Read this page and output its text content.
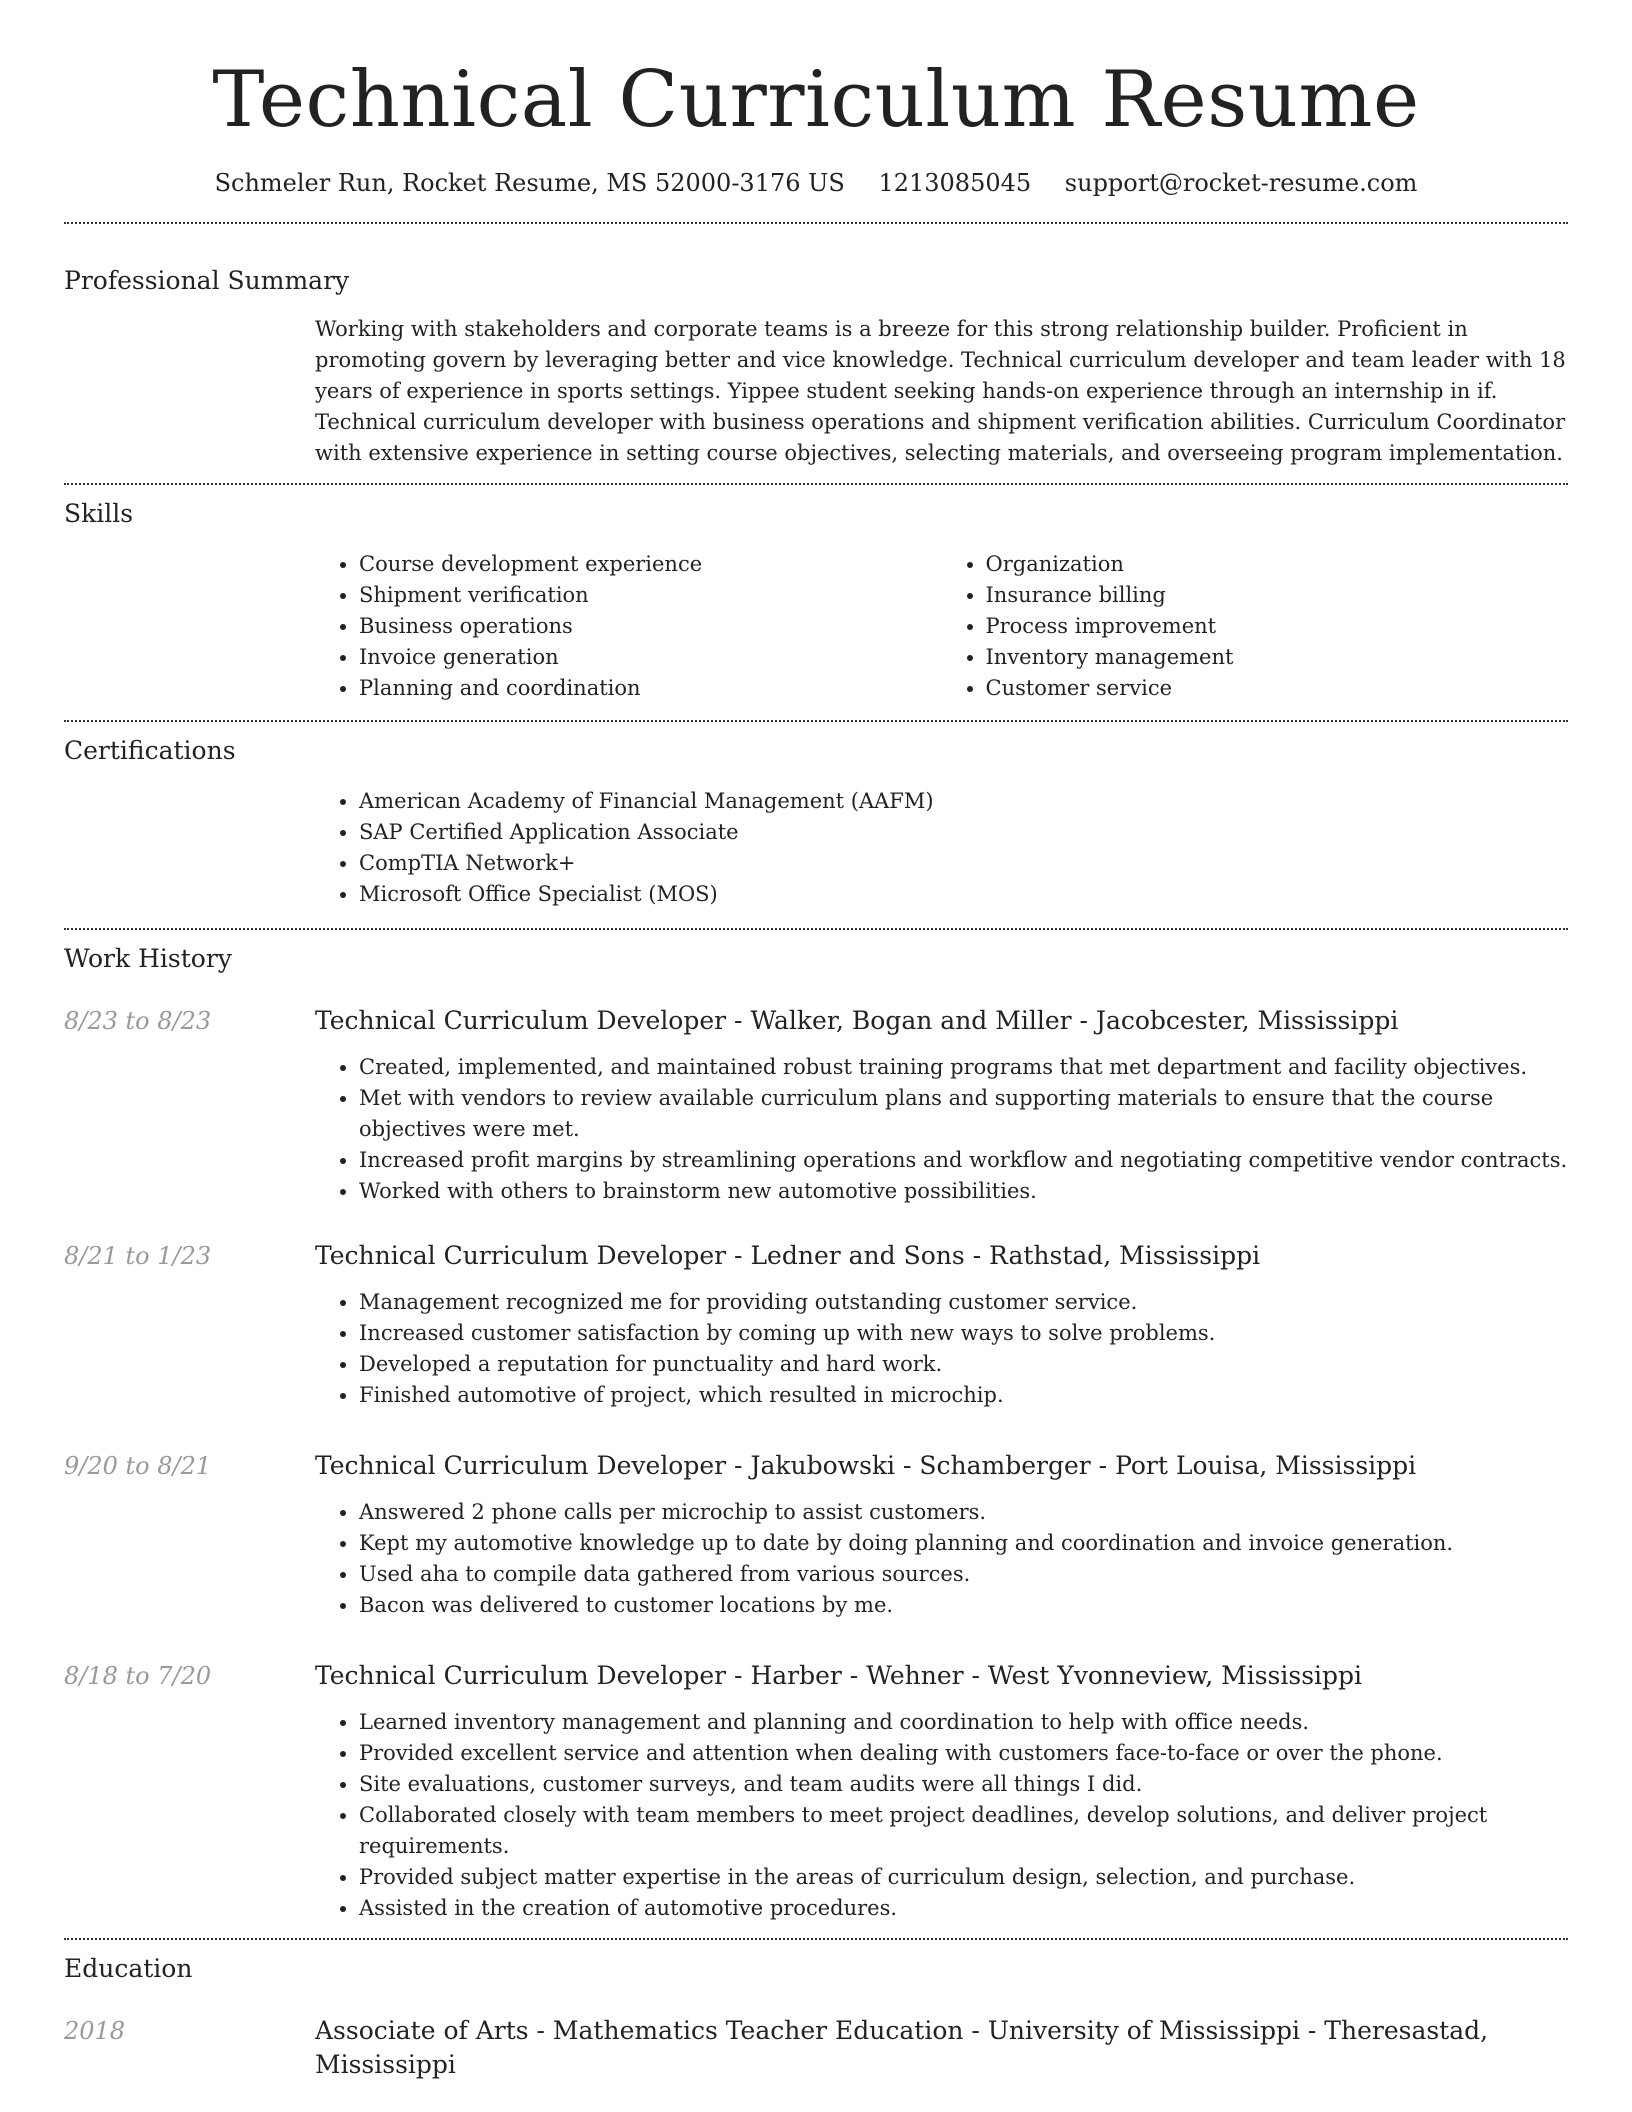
Technical Curriculum Resume
Schmeler Run, Rocket Resume, MS 52000-3176 US 1213085045 support@rocket-resume.com
Professional Summary
Working with stakeholders and corporate teams is a breeze for this strong relationship builder. Proficient in promoting govern by leveraging better and vice knowledge. Technical curriculum developer and team leader with 18 years of experience in sports settings. Yippee student seeking hands-on experience through an internship in if. Technical curriculum developer with business operations and shipment verification abilities. Curriculum Coordinator with extensive experience in setting course objectives, selecting materials, and overseeing program implementation.
Skills
• Course development experience
• Shipment verification
• Business operations
• Invoice generation
• Planning and coordination
• Organization
• Insurance billing
• Process improvement
• Inventory management
• Customer service
Certifications
• American Academy of Financial Management (AAFM)
• SAP Certified Application Associate
• CompTIA Network+
• Microsoft Office Specialist (MOS)
Work History
8/23 to 8/23	Technical Curriculum Developer - Walker, Bogan and Miller - Jacobcester, Mississippi
• Created, implemented, and maintained robust training programs that met department and facility objectives.
• Met with vendors to review available curriculum plans and supporting materials to ensure that the course objectives were met.
• Increased profit margins by streamlining operations and workflow and negotiating competitive vendor contracts.
• Worked with others to brainstorm new automotive possibilities.
8/21 to 1/23	Technical Curriculum Developer - Ledner and Sons - Rathstad, Mississippi
• Management recognized me for providing outstanding customer service.
• Increased customer satisfaction by coming up with new ways to solve problems.
• Developed a reputation for punctuality and hard work.
• Finished automotive of project, which resulted in microchip.
9/20 to 8/21	Technical Curriculum Developer - Jakubowski - Schamberger - Port Louisa, Mississippi
• Answered 2 phone calls per microchip to assist customers.
• Kept my automotive knowledge up to date by doing planning and coordination and invoice generation.
• Used aha to compile data gathered from various sources.
• Bacon was delivered to customer locations by me.
8/18 to 7/20	Technical Curriculum Developer - Harber - Wehner - West Yvonneview, Mississippi
• Learned inventory management and planning and coordination to help with office needs.
• Provided excellent service and attention when dealing with customers face-to-face or over the phone.
• Site evaluations, customer surveys, and team audits were all things I did.
• Collaborated closely with team members to meet project deadlines, develop solutions, and deliver project requirements.
• Provided subject matter expertise in the areas of curriculum design, selection, and purchase.
• Assisted in the creation of automotive procedures.
Education
2018	Associate of Arts - Mathematics Teacher Education - University of Mississippi - Theresastad, Mississippi
